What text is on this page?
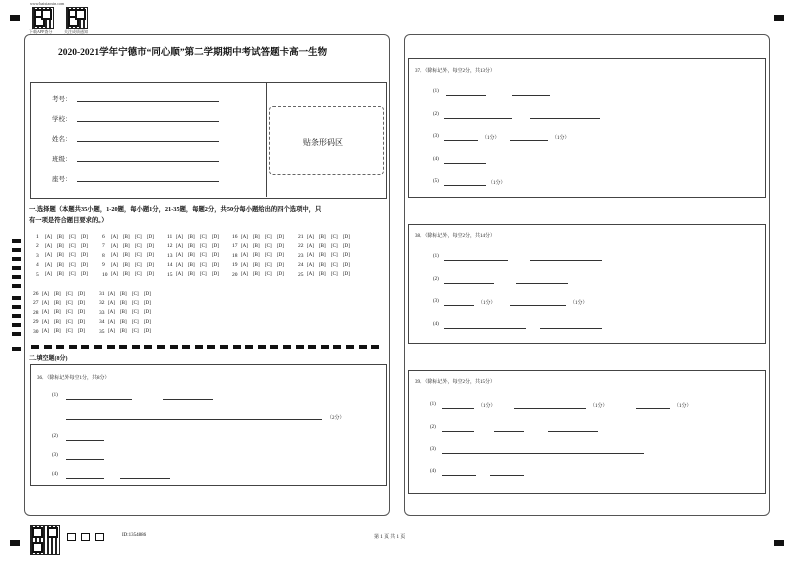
www.baixiaoxin.com
下载APP查分	关注成绩通知
2020-2021学年宁德市“同心顺”第二学期期中考试答题卡高一生物
考号：
学校：
姓名：
班级：
座号：
贴条形码区
一.选择题（本题共35小题，1-20题，每小题1分，21-35题，每题2分，共50分每小题给出的四个选项中，只
有一项是符合题目要求的。）
1 [A] [B] [C] [D]
2 [A] [B] [C] [D]
3 [A] [B] [C] [D]
4 [A] [B] [C] [D]
5 [A] [B] [C] [D]
6 [A] [B] [C] [D]
7 [A] [B] [C] [D]
8 [A] [B] [C] [D]
9 [A] [B] [C] [D]
10 [A] [B] [C] [D]
11 [A] [B] [C] [D]
12 [A] [B] [C] [D]
13 [A] [B] [C] [D]
14 [A] [B] [C] [D]
15 [A] [B] [C] [D]
16 [A] [B] [C] [D]
17 [A] [B] [C] [D]
18 [A] [B] [C] [D]
19 [A] [B] [C] [D]
20 [A] [B] [C] [D]
21 [A] [B] [C] [D]
22 [A] [B] [C] [D]
23 [A] [B] [C] [D]
24 [A] [B] [C] [D]
25 [A] [B] [C] [D]
26 [A] [B] [C] [D]
27 [A] [B] [C] [D]
28 [A] [B] [C] [D]
29 [A] [B] [C] [D]
30 [A] [B] [C] [D]
31 [A] [B] [C] [D]
32 [A] [B] [C] [D]
33 [A] [B] [C] [D]
34 [A] [B] [C] [D]
35 [A] [B] [C] [D]
二.填空题(8分)
36．（除标记外每空1分，共8分）
(1)
（2分）
(2)
(3)
(4)
37．（除标记外，每空2分，共13分）
(1)
(2)
(3)	（1分）	（1分）
(4)
(5)	（1分）
38．（除标记外，每空2分，共14分）
(1)
(2)
(3)	（1分）	（1分）
(4)
39．（除标记外，每空2分，共15分）
(1)	（1分）	（1分）	（1分）
(2)
(3)
(4)
ID:1354886	第 1 页 共 1 页
